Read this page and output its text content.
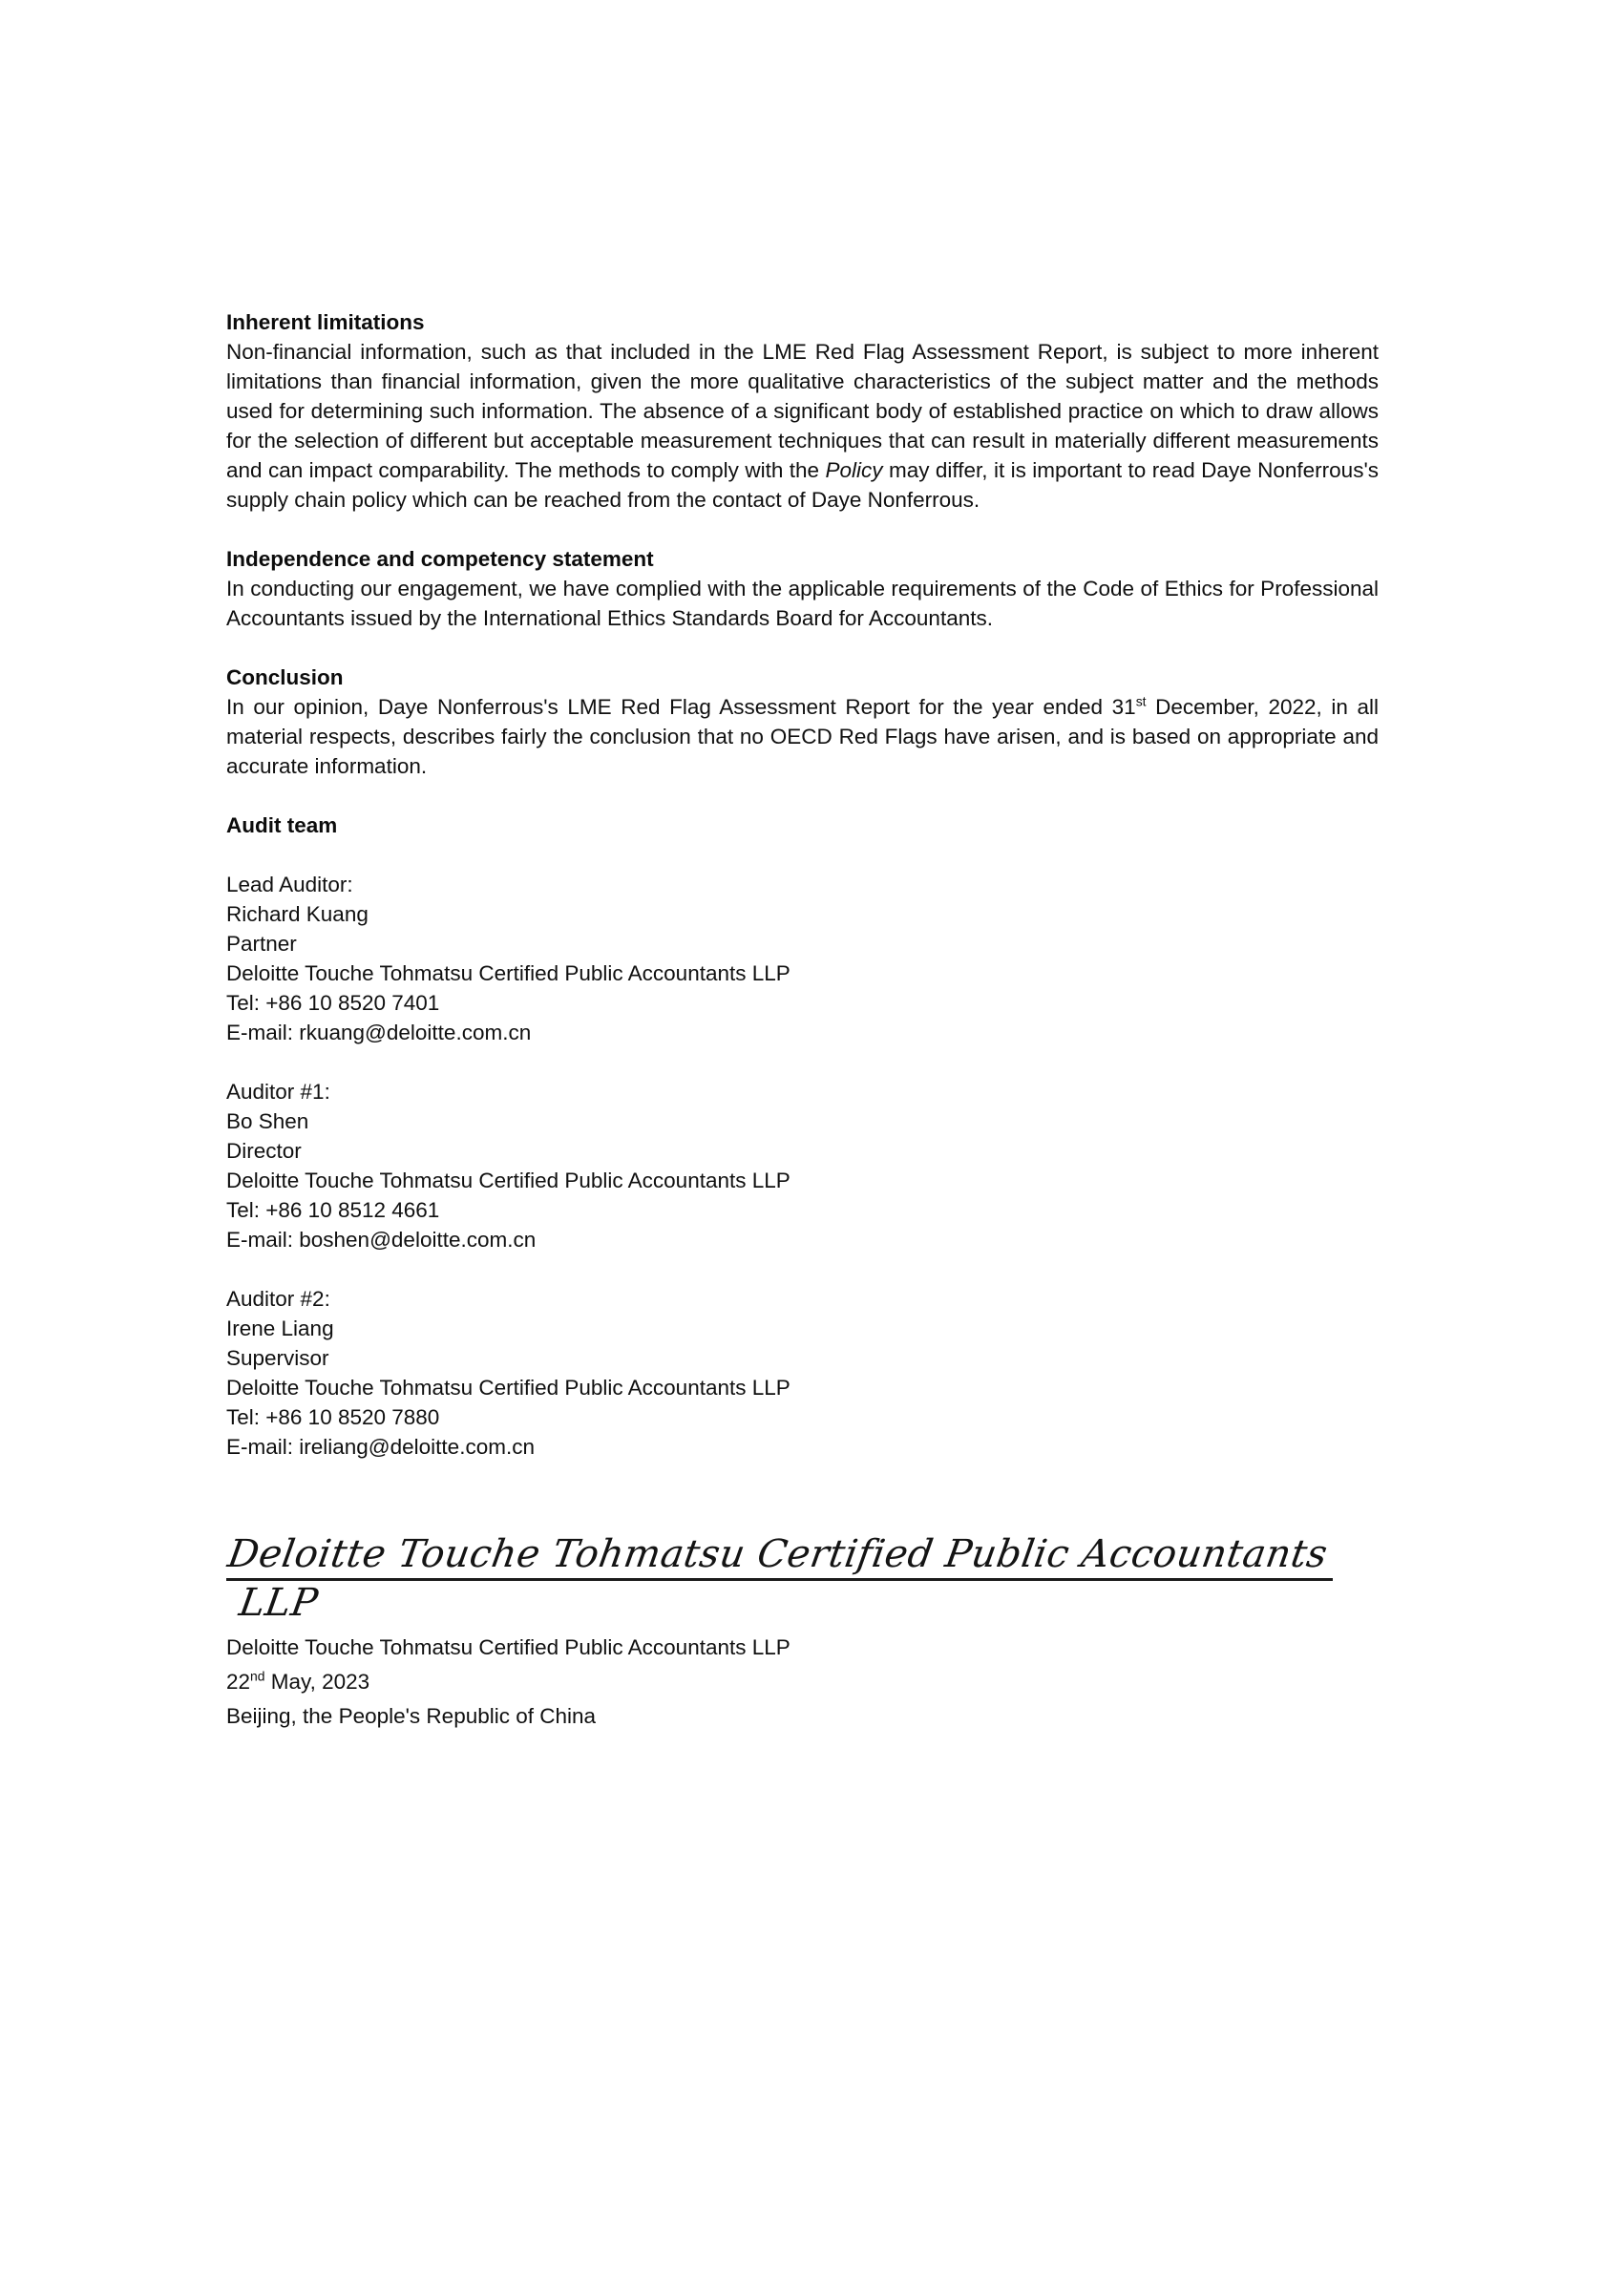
Inherent limitations

Non-financial information, such as that included in the LME Red Flag Assessment Report, is subject to more inherent limitations than financial information, given the more qualitative characteristics of the subject matter and the methods used for determining such information. The absence of a significant body of established practice on which to draw allows for the selection of different but acceptable measurement techniques that can result in materially different measurements and can impact comparability. The methods to comply with the Policy may differ, it is important to read Daye Nonferrous's supply chain policy which can be reached from the contact of Daye Nonferrous.

Independence and competency statement

In conducting our engagement, we have complied with the applicable requirements of the Code of Ethics for Professional Accountants issued by the International Ethics Standards Board for Accountants.

Conclusion

In our opinion, Daye Nonferrous's LME Red Flag Assessment Report for the year ended 31st December, 2022, in all material respects, describes fairly the conclusion that no OECD Red Flags have arisen, and is based on appropriate and accurate information.

Audit team
Lead Auditor:
Richard Kuang
Partner
Deloitte Touche Tohmatsu Certified Public Accountants LLP
Tel: +86 10 8520 7401
E-mail: rkuang@deloitte.com.cn
Auditor #1:
Bo Shen
Director
Deloitte Touche Tohmatsu Certified Public Accountants LLP
Tel: +86 10 8512 4661
E-mail: boshen@deloitte.com.cn
Auditor #2:
Irene Liang
Supervisor
Deloitte Touche Tohmatsu Certified Public Accountants LLP
Tel: +86 10 8520 7880
E-mail: ireliang@deloitte.com.cn
Deloitte Touche Tohmatsu Certified Public AccountantsLLP
Deloitte Touche Tohmatsu Certified Public Accountants LLP
22nd May, 2023
Beijing, the People's Republic of China
